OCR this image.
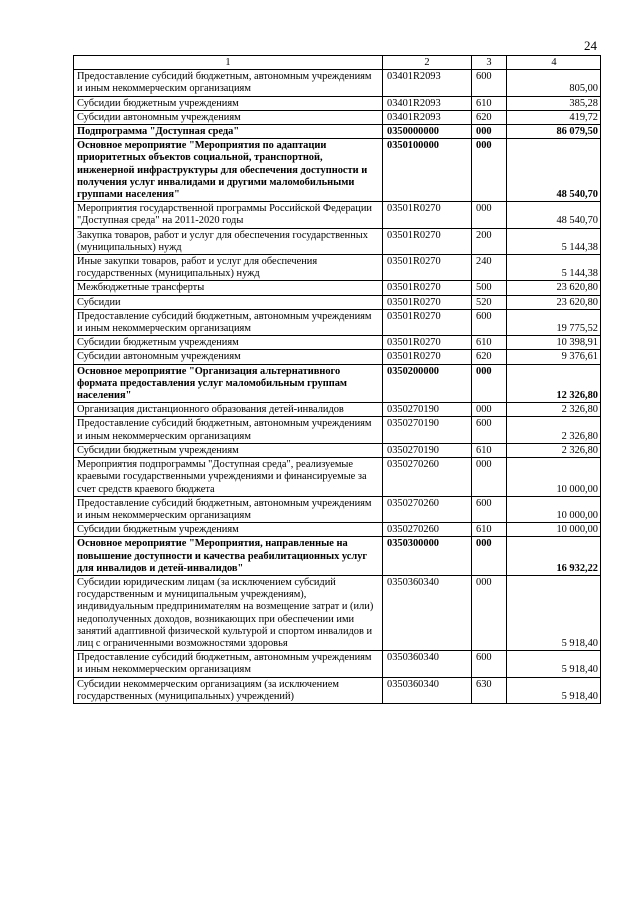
24
1	2	3	4
Предоставление субсидий бюджетным, автономным учреждениям и иным некоммерческим организациям	03401R2093	600	805,00
Субсидии бюджетным учреждениям	03401R2093	610	385,28
Субсидии автономным учреждениям	03401R2093	620	419,72
Подпрограмма "Доступная среда"	0350000000	000	86 079,50
Основное мероприятие "Мероприятия по адаптации приоритетных объектов социальной, транспортной, инженерной инфраструктуры для обеспечения доступности и получения услуг инвалидами и другими маломобильными группами населения"	0350100000	000	48 540,70
Мероприятия государственной программы Российской Федерации "Доступная среда" на 2011-2020 годы	03501R0270	000	48 540,70
Закупка товаров, работ и услуг для обеспечения государственных (муниципальных) нужд	03501R0270	200	5 144,38
Иные закупки товаров, работ и услуг для обеспечения государственных (муниципальных) нужд	03501R0270	240	5 144,38
Межбюджетные трансферты	03501R0270	500	23 620,80
Субсидии	03501R0270	520	23 620,80
Предоставление субсидий бюджетным, автономным учреждениям и иным некоммерческим организациям	03501R0270	600	19 775,52
Субсидии бюджетным учреждениям	03501R0270	610	10 398,91
Субсидии автономным учреждениям	03501R0270	620	9 376,61
Основное мероприятие "Организация альтернативного формата предоставления услуг маломобильным группам населения"	0350200000	000	12 326,80
Организация дистанционного образования детей-инвалидов	0350270190	000	2 326,80
Предоставление субсидий бюджетным, автономным учреждениям и иным некоммерческим организациям	0350270190	600	2 326,80
Субсидии бюджетным учреждениям	0350270190	610	2 326,80
Мероприятия подпрограммы "Доступная среда", реализуемые краевыми государственными учреждениями и финансируемые за счет средств краевого бюджета	0350270260	000	10 000,00
Предоставление субсидий бюджетным, автономным учреждениям и иным некоммерческим организациям	0350270260	600	10 000,00
Субсидии бюджетным учреждениям	0350270260	610	10 000,00
Основное мероприятие "Мероприятия, направленные на повышение доступности и качества реабилитационных услуг для инвалидов и детей-инвалидов"	0350300000	000	16 932,22
Субсидии юридическим лицам (за исключением субсидий государственным и муниципальным учреждениям), индивидуальным предпринимателям на возмещение затрат и (или) недополученных доходов, возникающих при обеспечении ими занятий адаптивной физической культурой и спортом инвалидов и лиц с ограниченными возможностями здоровья	0350360340	000	5 918,40
Предоставление субсидий бюджетным, автономным учреждениям и иным некоммерческим организациям	0350360340	600	5 918,40
Субсидии некоммерческим организациям (за исключением государственных (муниципальных) учреждений)	0350360340	630	5 918,40
